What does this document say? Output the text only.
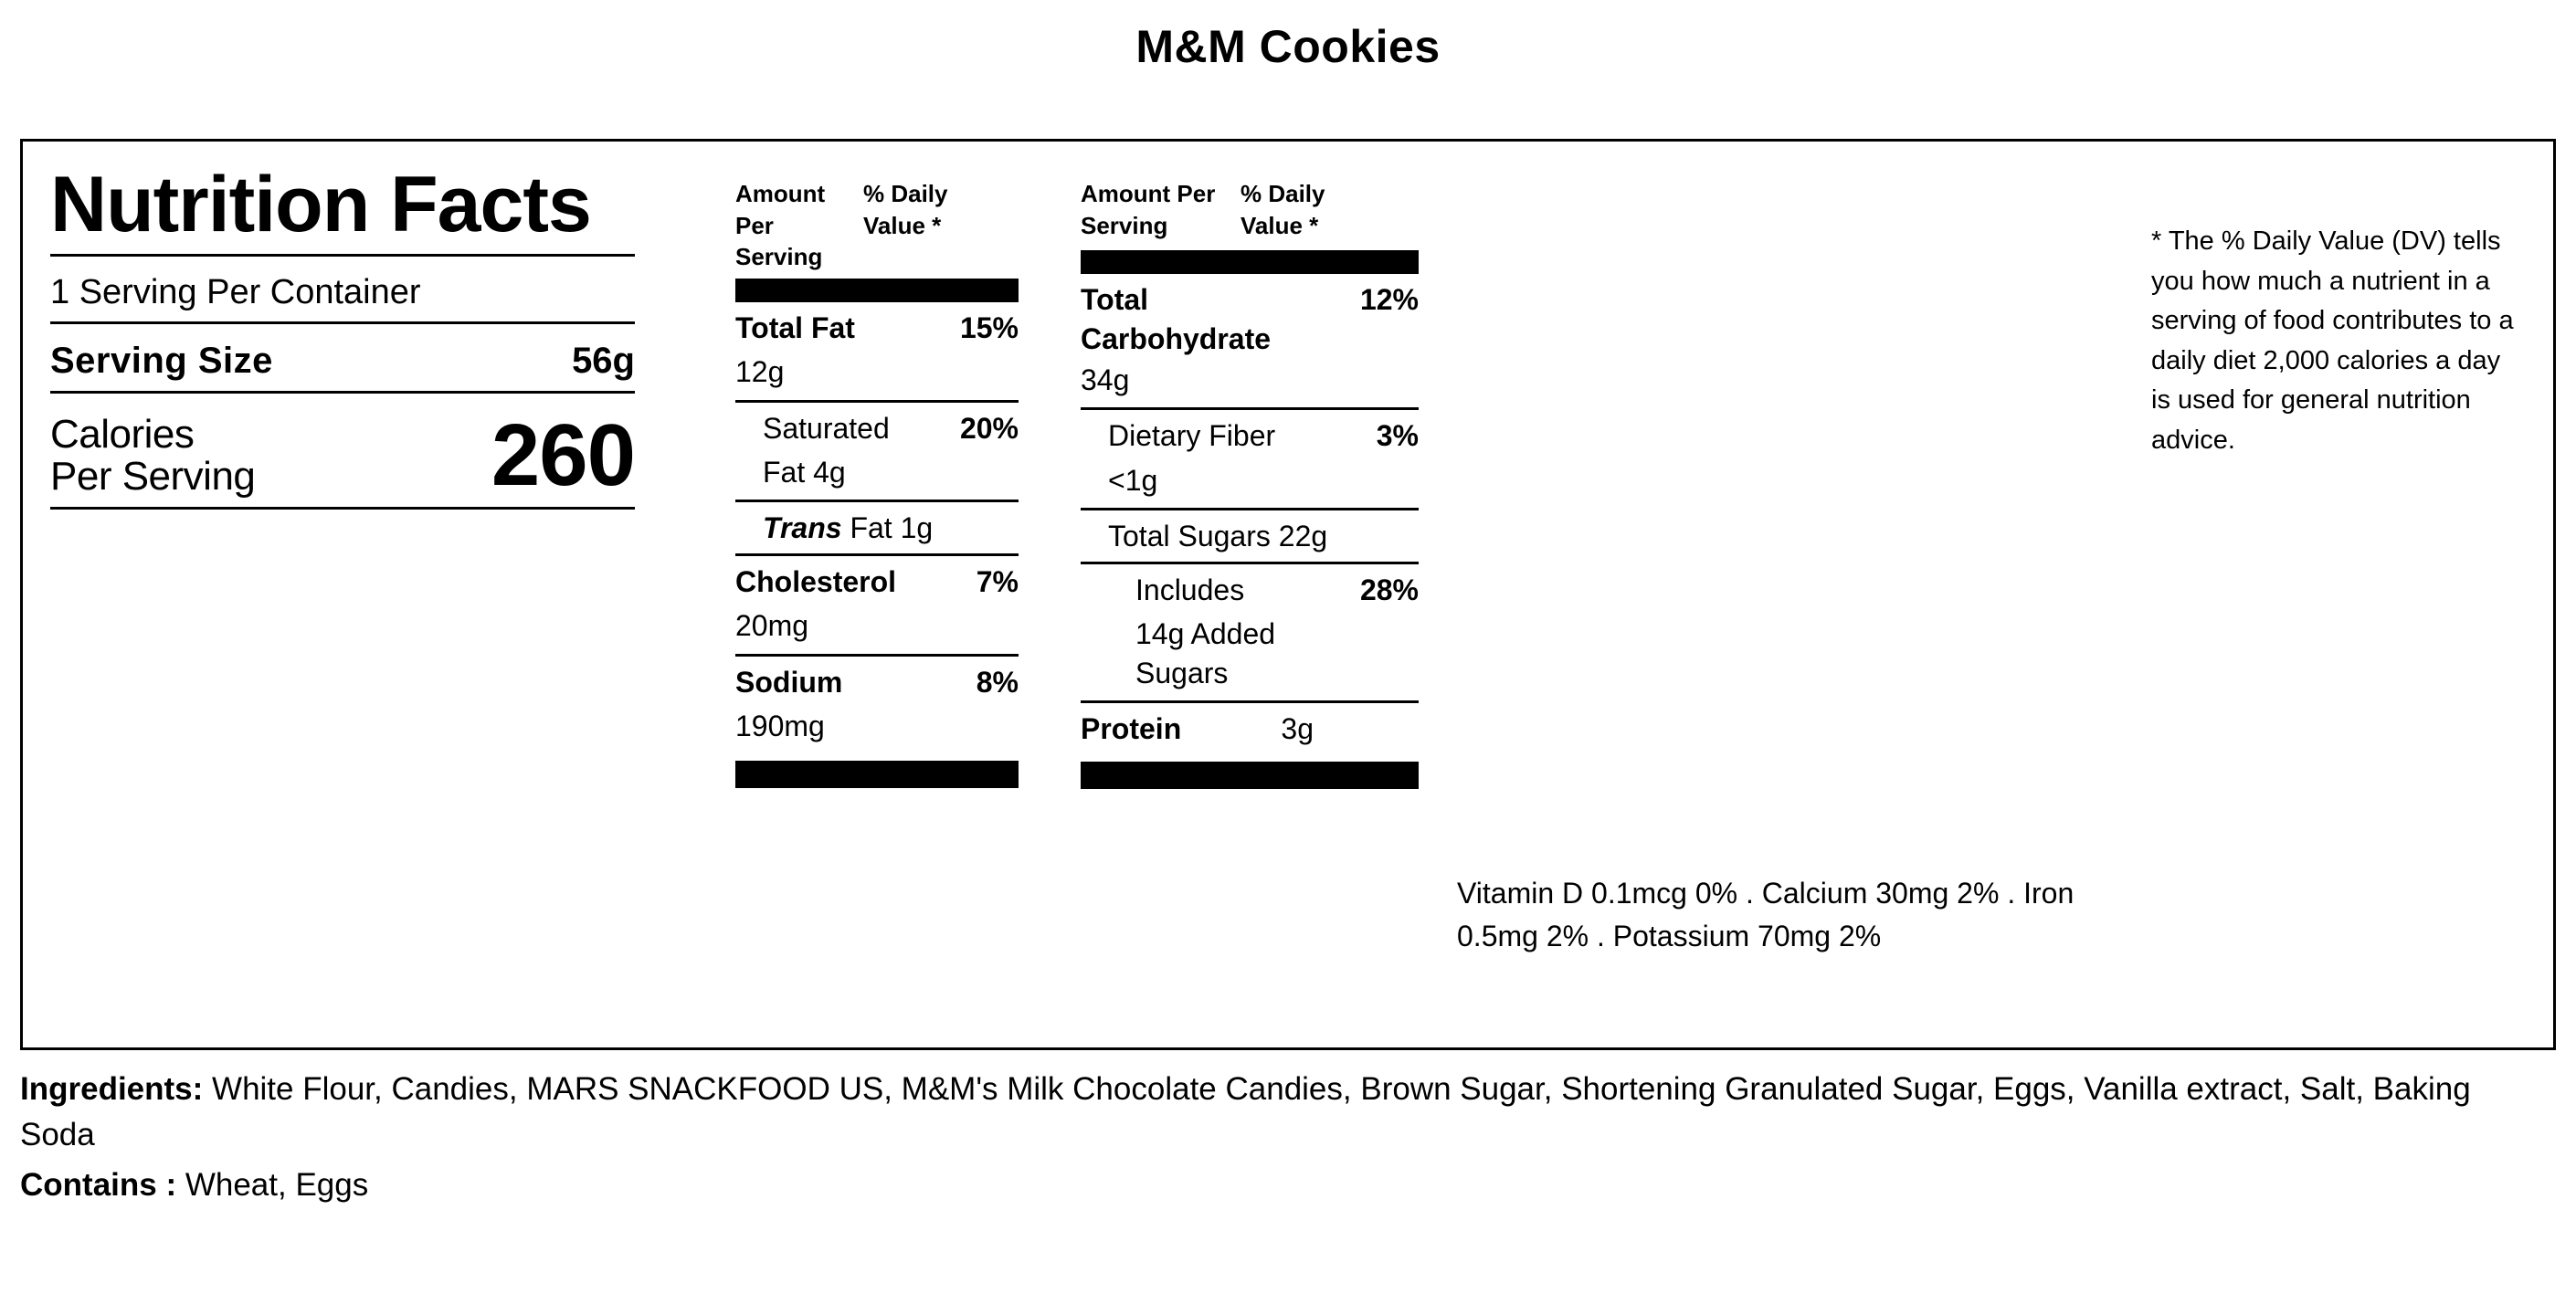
M&M Cookies
Nutrition Facts
1 Serving Per Container
Serving Size	56g
Calories
Per Serving	260
Amount	% Daily
Per	Value *
Serving
Total Fat	15%
12g
Saturated 20%
Fat 4g
Trans Fat 1g
Cholesterol	7%
20mg
Sodium	8%
190mg
Amount Per	% Daily
Serving	Value *
Total	12%
Carbohydrate
34g
Dietary Fiber	3%
<1g
Total Sugars 22g
Includes	28%
14g Added
Sugars
Protein	3g
Vitamin D 0.1mcg 0% . Calcium 30mg 2% . Iron 0.5mg 2% . Potassium 70mg 2%
* The % Daily Value (DV) tells you how much a nutrient in a serving of food contributes to a daily diet 2,000 calories a day is used for general nutrition advice.
Ingredients: White Flour, Candies, MARS SNACKFOOD US, M&M's Milk Chocolate Candies, Brown Sugar, Shortening Granulated Sugar, Eggs, Vanilla extract, Salt, Baking Soda
Contains : Wheat, Eggs
